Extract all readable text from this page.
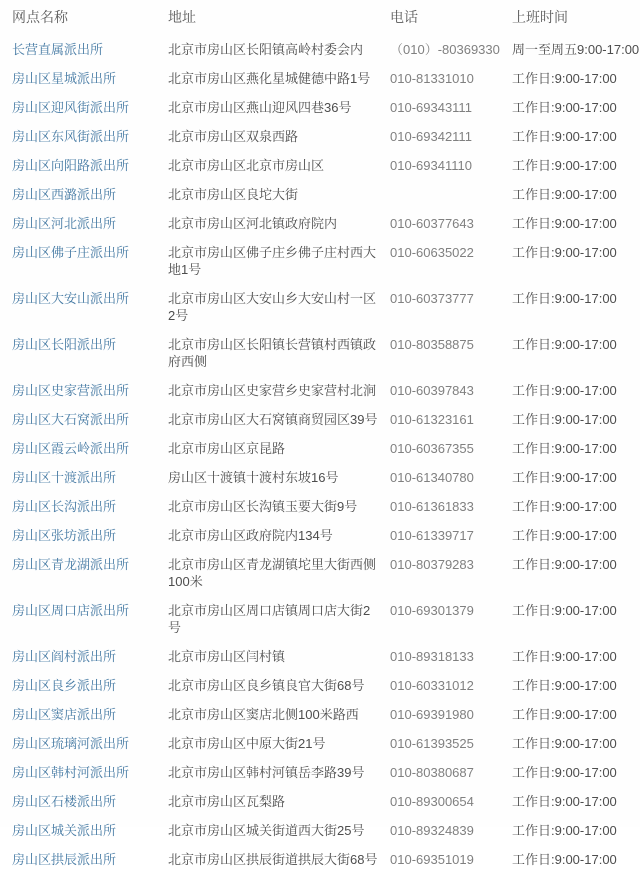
网点名称	地址	电话	上班时间
长营直属派出所	北京市房山区长阳镇高岭村委会内	（010）-80369330	周一至周五9:00-17:00
房山区星城派出所	北京市房山区燕化星城健德中路1号	010-81331010	工作日:9:00-17:00
房山区迎风街派出所	北京市房山区燕山迎风四巷36号	010-69343111	工作日:9:00-17:00
房山区东风街派出所	北京市房山区双泉西路	010-69342111	工作日:9:00-17:00
房山区向阳路派出所	北京市房山区北京市房山区	010-69341110	工作日:9:00-17:00
房山区西潞派出所	北京市房山区良坨大街		工作日:9:00-17:00
房山区河北派出所	北京市房山区河北镇政府院内	010-60377643	工作日:9:00-17:00
房山区佛子庄派出所	北京市房山区佛子庄乡佛子庄村西大地1号	010-60635022	工作日:9:00-17:00
房山区大安山派出所	北京市房山区大安山乡大安山村一区2号	010-60373777	工作日:9:00-17:00
房山区长阳派出所	北京市房山区长阳镇长营镇村西镇政府西侧	010-80358875	工作日:9:00-17:00
房山区史家营派出所	北京市房山区史家营乡史家营村北涧	010-60397843	工作日:9:00-17:00
房山区大石窝派出所	北京市房山区大石窝镇商贸园区39号	010-61323161	工作日:9:00-17:00
房山区霞云岭派出所	北京市房山区京昆路	010-60367355	工作日:9:00-17:00
房山区十渡派出所	房山区十渡镇十渡村东坡16号	010-61340780	工作日:9:00-17:00
房山区长沟派出所	北京市房山区长沟镇玉要大街9号	010-61361833	工作日:9:00-17:00
房山区张坊派出所	北京市房山区政府院内134号	010-61339717	工作日:9:00-17:00
房山区青龙湖派出所	北京市房山区青龙湖镇坨里大街西侧100米	010-80379283	工作日:9:00-17:00
房山区周口店派出所	北京市房山区周口店镇周口店大街2号	010-69301379	工作日:9:00-17:00
房山区阎村派出所	北京市房山区闫村镇	010-89318133	工作日:9:00-17:00
房山区良乡派出所	北京市房山区良乡镇良官大街68号	010-60331012	工作日:9:00-17:00
房山区窦店派出所	北京市房山区窦店北侧100米路西	010-69391980	工作日:9:00-17:00
房山区琉璃河派出所	北京市房山区中原大街21号	010-61393525	工作日:9:00-17:00
房山区韩村河派出所	北京市房山区韩村河镇岳李路39号	010-80380687	工作日:9:00-17:00
房山区石楼派出所	北京市房山区瓦梨路	010-89300654	工作日:9:00-17:00
房山区城关派出所	北京市房山区城关街道西大街25号	010-89324839	工作日:9:00-17:00
房山区拱辰派出所	北京市房山区拱辰街道拱辰大街68号	010-69351019	工作日:9:00-17:00
